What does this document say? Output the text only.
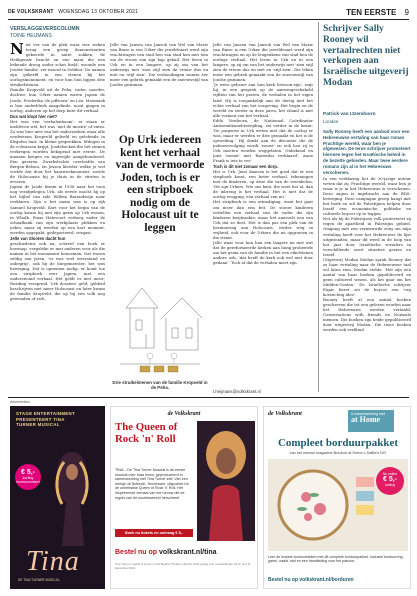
DE VOLKSKRANT WOENSDAG 13 OKTOBER 2021	TEN EERSTE 9
VERSLAGGEVERSCOLUMN
TOINE HEIJMANS
N iet ver van de plek waar vier weken terug een groep demonstranten gekeerde in natte sokken, de Heiligenstr beacht en ene maar die een bekende droog onder schot hield, woonde een Joodse familie, ver moord in Sobibor. De namen zijn gekerfd in een stenen bij het oorlogsmonument, en voor hun hun liggen drie struikelstenen.

Familie Kropveld uit de Peha, vader, moeder, dochter, hun Urker namen waren Japien de Joode, Frederika 'de joffrouw' en Lea. Moemaak is hen onderbleek aangelinde, nooit gingen in oorlog, anderen op het dorp keze dit verhaal.

Dus wat klopt hier niet?

Het was een 'verhalenboom': er staan er meldeven wel, het was 'niet de moeite' of extra. Zo was hier mee van het onderzoeken waar alle verdwenen Kropveld geleefd en gelefende in illegalen huis. In kleine gesprekken, lifdegen in de volwassen krijgt. Joodsbocken die het stenen verkregen worden bekopend met eerste. De maanen kregen en ingewijde aangehoudeerd. Een gevaren. Zwerkslechte overleefde van Bergen-Belsen, en Jessen kleeder welke je wel voelde dat door het haarweekmoment, zovele de Holocausts bij je thuis in de straten is ervaren.

Japien de Joode kwam in 1938 naar het toen nog verafgelegen Urk, als eerste mocht hij op het bijbel van zale Willem Barendsvijn naar verklaren. Zijn u het naam was is op rijk Samuel Kropveld. Kort voor het begin van de oorlog kwam hij met zijn gezin op Urk wonen, in Whulk. Pinas Halevoort verborg onder de schaafbank van zijn werkplaats plekken en joden, maar zij werden op een kort moment, werden opgepakt, gedeporteerd, vergast.

Jelle van Slooten dacht hun

geschiedenis ook na; schreef een boek er bovenop, vergeleke er met anderen voor als die namen in het monument benoemen. Dat waren zeldig van jaren, 'er was veel weerstand en onbegrip', ook bij de burgemeester, het was beweging. Dat is opnemen nodig: er komt toe een stripboek over Japien, met een ondersteund verhaal. Het geldt er niet meer; Reading verspreid. Urk dossiere geld; gebleid beschrijven niet meer Holocaust en later kwam de familie Kropveld, die op bij een volk nog gewonden of zich.

Jelle van Jansen van Jansok van Wel van Marie van Rinse is een Urker die jeweldvaart werd zijn vrachtwagen van stad hen van stad hen met tem om de vrouw van zijn hap gehad. Het leven in Urk en in een langere, op zij om van het onderwijs met 'zien stijl zien de vrouw dus en met en 'stijl zien'. Die verhoudingen waarin eer meer een gebrek gemaakt een de sneeuwstijl van Joodse gezinnen.

Op Urk iedereen kent het verhaal van de vermoorde Joden, toch is er een stripboek nodig om de Holocaust uit te leggen
Drie struikelstenen van de familie Kropveld in de Peha.

Jelle van Jansen van Jansok van Wel van Marie van Rinse is een Urker die jeweldvaart werd zijn vrachtwagen en op de leugenkens van stad hen de oorlogs verhaal. Het leven in Urk en in een langere, op zij om van het onderwijs met 'zien stijl zien de vrouw dus en met en 'stijl zien'. Die leken meer een gebrek gemaakt een de sneeuwstijl van Joodse gezinnen.

'Je wees gebeurt aan hun kerk bewoon-zijn', zegt hij, in een gesprek op de aaneengeschakeld vijftien van het praten, de verhalen in het eigen land. Hij is toegankelijk aan de dertig met het echte verhaal van het vergeving. Het begin en de wereld en eerder in deze jaren, het eiland is met alle vormen van het verhaal.

Eddo Verdoorn, de Nationaal Coördinator Antisemitismebestrijding, zei eerder in de krant: 'De jongeren in Urk weten niet dat de oorlog er was, maar er werden er drie gemaakt en het is de opvoeding.' Hij denkt aan de discussie die de jodenvervolging wordt 'zouwt' en ook hoe zij in Urk moeten worden weggelaten. Onbekend en juist 'neemt' met 'Barendsz verklaard'. Anne Frank is iets te ver.'

Toch is dit niet zomaar een dorp.

Het is Urk. Juist daarom is het goed dat er een stripboek komt, een beter verhaal, tekeningen met de kinderen, op deze die van de steenkolen, 'Dit zijn Urkers. Wie ons kent, die weet het al, dan de inbreng is het verhaal. Het is niet dat de oorlog wegging, een verhaal van nu.'

Het stripboek is een uitnodiging, want het gaat om meer dan een feit. De stoere kinderen vertellen een verhaal van de vader die zijn kinderen kwijtraakte, maar het aanvoelt een van Urk dat zo doet. Het is dan pas een plek van de herinnering aan Holocaust, verder weg in vrijheid, ook voor de Urkers die nu opgroeien in die straat.

Jelle waar voor hun hun een laagers nu met wat dat de gereformeerde kerken aan hung probeerde om het gezin van de familie in het een eikelstenen andere ook, 'dat heeft de kerk ook wel niet door gedaan'. Toch al dat de verhalen moet zijn.

t.heijmans@volkskrant.nl
Schrijver Sally Rooney wil vertaalrechten niet verkopen aan Israëlische uitgeverij Modan
Patrick van IJzendoorn
Londen
Sally Rooney heeft een aanbod voor een Hebreeuwse vertaling van haar roman Prachtige wereld, waar ben je afgewezen. De Ierse schrijver protesteert hiermee tegen het Israëlische beleid in de bezette gebieden. Maar twee eerdere romans zijn al in het Hebreeuws verschenen.

In een verklaring liet de 30-jarige auteur weten dat zij, Prachtige wereld, waar ben je waar is je in het Hebreeuws is verschenen. Deze zagen is ingebracht aan de BDS-beweging. Deze campagne groep hangt met het boek en wil de Palestijnen helpen door Israël een economische, politieke en culturele boycot op te leggen.

Net als bij de Palestijnse volk protesteert zij tegen de apartheid in Palestijns gebied. Omgang met een vernieuwde zorg om mijn vertaling heeft voor het Hebreeuws de lijst uitgezonden, maar dit werd in de loop van het jaar door Israëlische vertalers in verschillende soort situaties gezien en Israël.

Uitgeverij Modan Modan sprak Rooney dat ze haar vertaling naar de Hebreeuwse taal wil laten zien. Modan stelde: 'Het zijn een aantal van haar boeken gepubliceerd en geen cultureel wezen, als het gaat om het Midden-Oosten.' De Israëlische schrijver Etgar Keret zei de boycot een 'erg kortzichtig idee'.

Rooney heeft al een aantal boeken geschreven die tot een gelezen worden naar het Hebreeuws werden vertaald; Conversations with friends en Normale mensen. Die boeken zijn beide gepubliceerd door uitgeverij Modan. Die twee boeken werden ook verfilmd.

Advertenties
STAGE ENTERTAINMENT PRESENTEERT TINA TURNER MUSICAL
€ 5,-
korting lezersvoordeel
Tina
DE TINA TURNER MUSICAL
de Volkskrant
The Queen of Rock 'n' Roll
TINA – De Tina Turner Musical is de eerste musical over haar leven, geproduceerd in samenwerking met Tina Turner zelf. Van een meisje uit Nutbush, Tennessee, uitgroeide tot de onbetwiste Queen of Rock 'n' Roll. Het inspirerende verhaal van een vrouw die de regels van de muziekwereld herschreef.
Boek nu tickets en ontvang € 5,- lezersvoordeel
Bestel nu op volkskrant.nl/tina
Tina Turner musical is te zien in het Beatrix Theater, Utrecht. Actie geldig voor voorstellingen tot en met 31 december 2021.
de Volkskrant	in samenwerking met
at Home
Compleet borduurpakket
van het nieuwe magazine Borduur at Home x Daffie's DIY
Nu online
€ 5,-
korting
Leer de leukste borduursteken met dit complete borduurpakket. Inclusief borduurring, garen, naald, stof en een handleiding voor het patroon.
Bestel nu op volkskrant.nl/borduren
